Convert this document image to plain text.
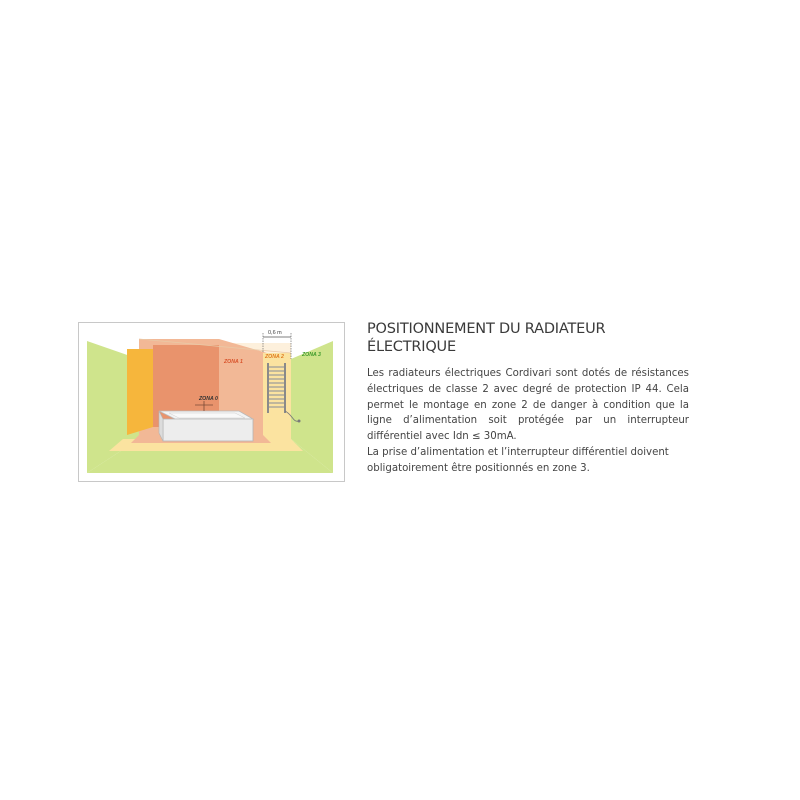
0,6 m
ZONA 0
ZONA 1
ZONA 2	ZONA 3
POSITIONNEMENT DU RADIATEUR ÉLECTRIQUE

Les radiateurs électriques Cordivari sont dotés de résistances électriques de classe 2 avec degré de protection IP 44. Cela permet le montage en zone 2 de danger à condition que la ligne d’alimentation soit protégée par un interrupteur différentiel avec Idn ≤ 30mA.

La prise d’alimentation et l’interrupteur différentiel doivent obligatoirement être positionnés en zone 3.
